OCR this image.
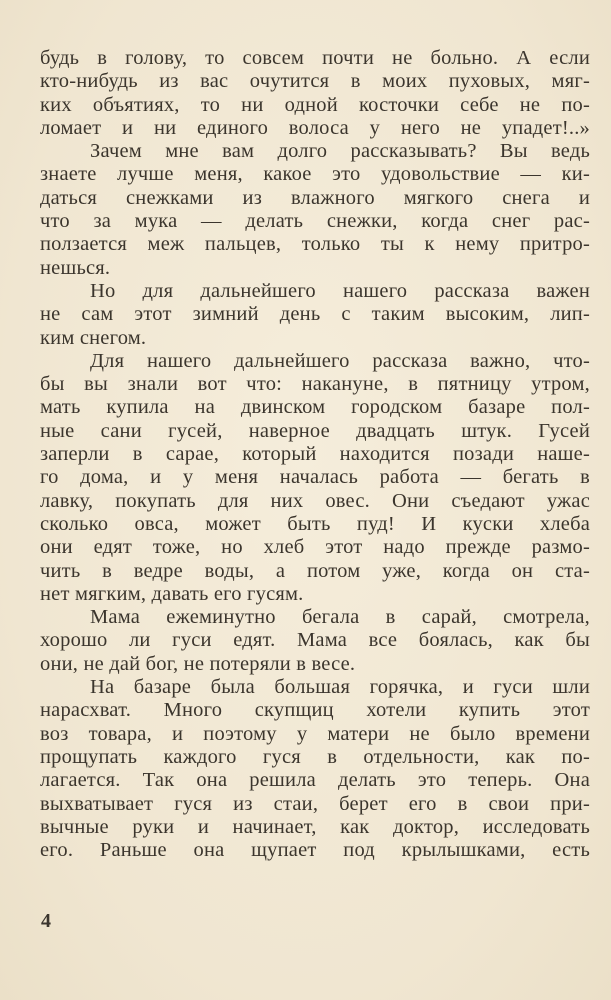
будь в голову, то совсем почти не больно. А если
кто-нибудь из вас очутится в моих пуховых, мяг-
ких объятиях, то ни одной косточки себе не по-
ломает и ни единого волоса у него не упадет!..»
Зачем мне вам долго рассказывать? Вы ведь
знаете лучше меня, какое это удовольствие — ки-
даться снежками из влажного мягкого снега и
что за мука — делать снежки, когда снег рас-
ползается меж пальцев, только ты к нему притро-
нешься.
Но для дальнейшего нашего рассказа важен
не сам этот зимний день с таким высоким, лип-
ким снегом.
Для нашего дальнейшего рассказа важно, что-
бы вы знали вот что: накануне, в пятницу утром,
мать купила на двинском городском базаре пол-
ные сани гусей, наверное двадцать штук. Гусей
заперли в сарае, который находится позади наше-
го дома, и у меня началась работа — бегать в
лавку, покупать для них овес. Они съедают ужас
сколько овса, может быть пуд! И куски хлеба
они едят тоже, но хлеб этот надо прежде размо-
чить в ведре воды, а потом уже, когда он ста-
нет мягким, давать его гусям.
Мама ежеминутно бегала в сарай, смотрела,
хорошо ли гуси едят. Мама все боялась, как бы
они, не дай бог, не потеряли в весе.
На базаре была большая горячка, и гуси шли
нарасхват. Много скупщиц хотели купить этот
воз товара, и поэтому у матери не было времени
прощупать каждого гуся в отдельности, как по-
лагается. Так она решила делать это теперь. Она
выхватывает гуся из стаи, берет его в свои при-
вычные руки и начинает, как доктор, исследовать
его. Раньше она щупает под крылышками, есть
4
